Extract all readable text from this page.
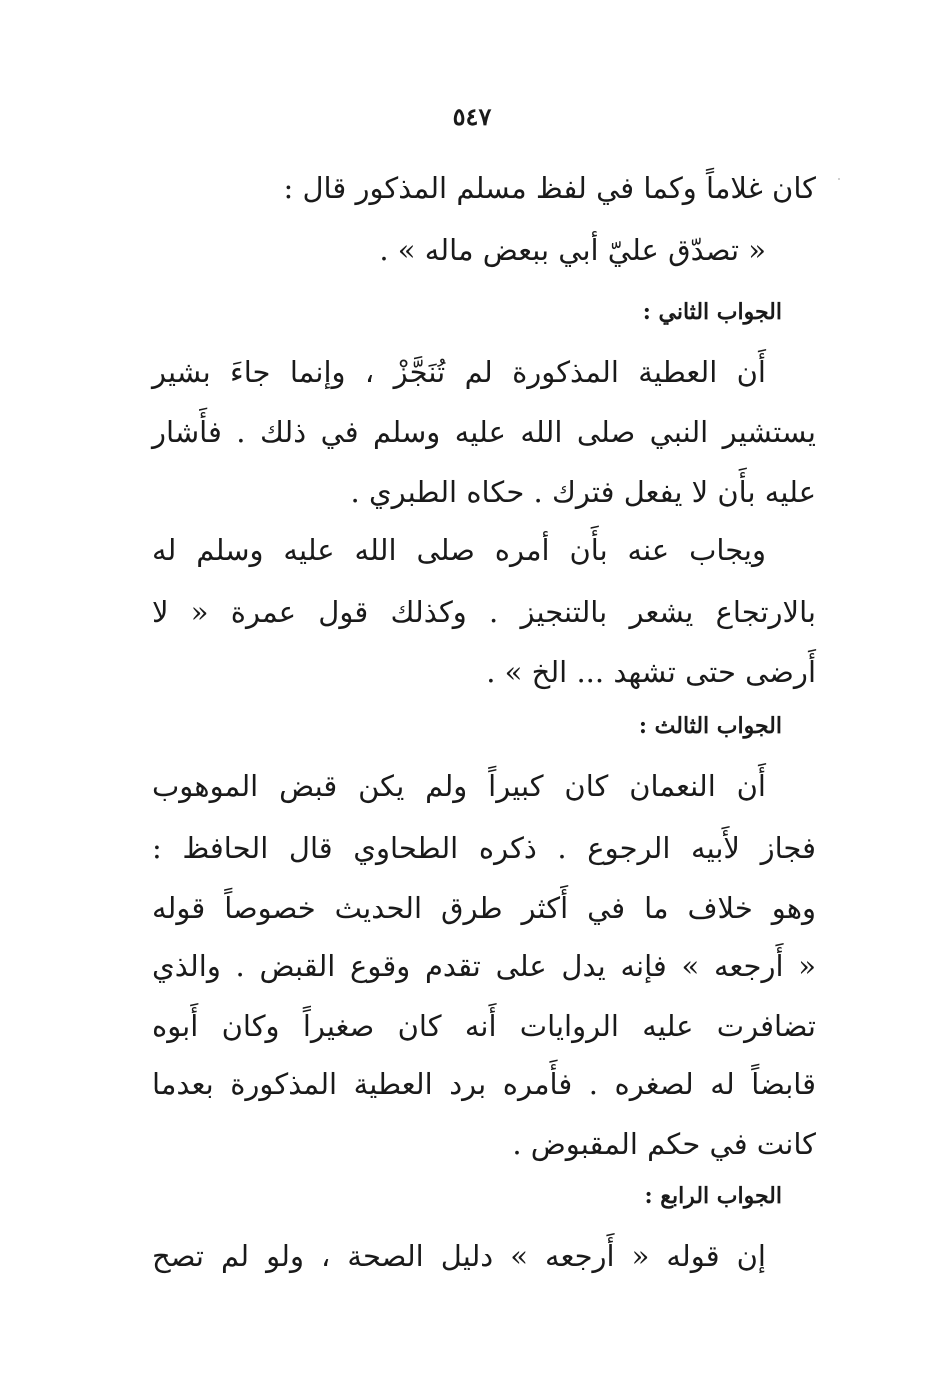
٥٤٧
كان غلاماً وكما في لفظ مسلم المذكور قال :
« تصدّق عليّ أبي ببعض ماله » .
الجواب الثاني :
أَن العطية المذكورة لم تُنَجَّزْ ، وإنما جاءَ بشير
يستشير النبي صلى الله عليه وسلم في ذلك . فأَشار
عليه بأَن لا يفعل فترك . حكاه الطبري .
ويجاب عنه بأَن أمره صلى الله عليه وسلم له
بالارتجاع يشعر بالتنجيز . وكذلك قول عمرة « لا
أَرضى حتى تشهد ... الخ » .
الجواب الثالث :
أَن النعمان كان كبيراً ولم يكن قبض الموهوب
فجاز لأَبيه الرجوع . ذكره الطحاوي قال الحافظ :
وهو خلاف ما في أَكثر طرق الحديث خصوصاً قوله
« أَرجعه » فإنه يدل على تقدم وقوع القبض . والذي
تضافرت عليه الروايات أَنه كان صغيراً وكان أَبوه
قابضاً له لصغره . فأَمره برد العطية المذكورة بعدما
كانت في حكم المقبوض .
الجواب الرابع :
إن قوله « أَرجعه » دليل الصحة ، ولو لم تصح
